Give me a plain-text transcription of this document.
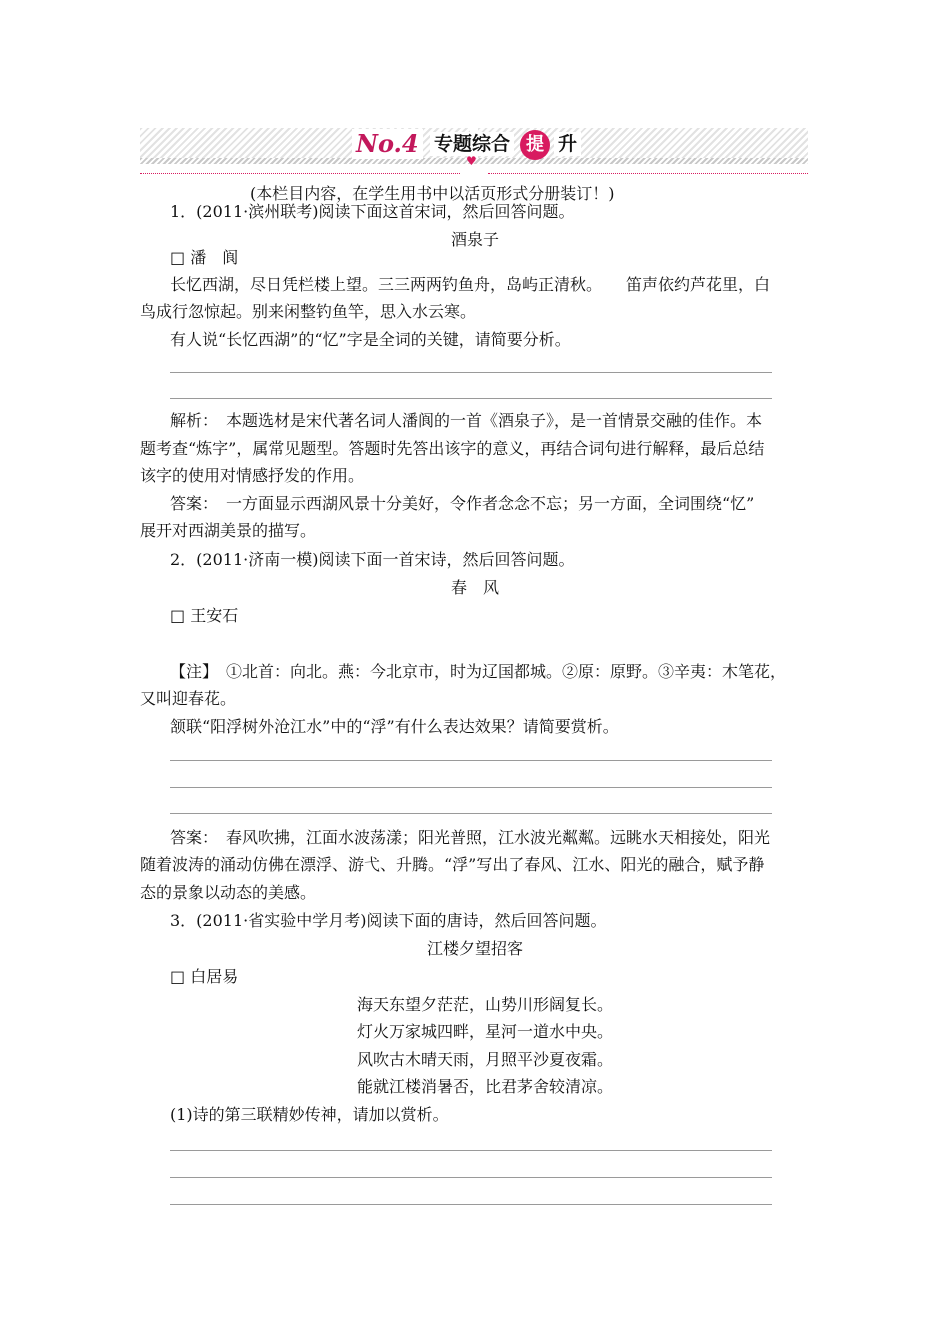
No.4 专题综合 提 升
♥
(本栏目内容，在学生用书中以活页形式分册装订！)
1．(2011·滨州联考)阅读下面这首宋词，然后回答问题。
酒泉子
□ 潘　阆
长忆西湖，尽日凭栏楼上望。三三两两钓鱼舟，岛屿正清秋。　　笛声依约芦花里，白
鸟成行忽惊起。别来闲整钓鱼竿，思入水云寒。
有人说“长忆西湖”的“忆”字是全词的关键，请简要分析。
解析：　本题选材是宋代著名词人潘阆的一首《酒泉子》，是一首情景交融的佳作。本
题考查“炼字”，属常见题型。答题时先答出该字的意义，再结合词句进行解释，最后总结
该字的使用对情感抒发的作用。
答案：　一方面显示西湖风景十分美好，令作者念念不忘；另一方面，全词围绕“忆”
展开对西湖美景的描写。
2．(2011·济南一模)阅读下面一首宋诗，然后回答问题。
春　风
□ 王安石
【注】　①北首：向北。燕：今北京市，时为辽国都城。②原：原野。③辛夷：木笔花，
又叫迎春花。
颔联“阳浮树外沧江水”中的“浮”有什么表达效果？请简要赏析。
答案：　春风吹拂，江面水波荡漾；阳光普照，江水波光粼粼。远眺水天相接处，阳光
随着波涛的涌动仿佛在漂浮、游弋、升腾。“浮”写出了春风、江水、阳光的融合，赋予静
态的景象以动态的美感。
3．(2011·省实验中学月考)阅读下面的唐诗，然后回答问题。
江楼夕望招客
□ 白居易
海天东望夕茫茫，山势川形阔复长。
灯火万家城四畔，星河一道水中央。
风吹古木晴天雨，月照平沙夏夜霜。
能就江楼消暑否，比君茅舍较清凉。
(1)诗的第三联精妙传神，请加以赏析。
